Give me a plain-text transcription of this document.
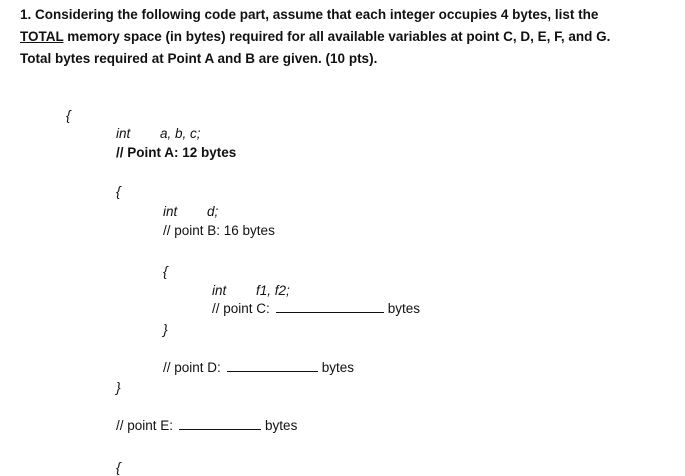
1. Considering the following code part, assume that each integer occupies 4 bytes, list the
TOTAL memory space (in bytes) required for all available variables at point C, D, E, F, and G.
Total bytes required at Point A and B are given. (10 pts).
{
int a, b, c;
// Point A: 12 bytes
{
int d;
// point B: 16 bytes
{
int f1, f2;
// point C:	bytes
}
// point D:	bytes
}
// point E:	bytes
{
